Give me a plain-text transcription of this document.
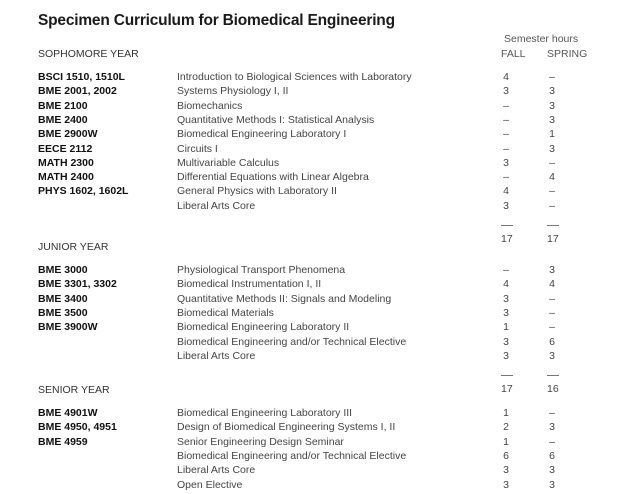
Specimen Curriculum for Biomedical Engineering
Semester hours
FALL SPRING
SOPHOMORE YEAR
BSCI 1510, 1510L	Introduction to Biological Sciences with Laboratory	4	–
BME 2001, 2002	Systems Physiology I, II	3	3
BME 2100	Biomechanics	–	3
BME 2400	Quantitative Methods I: Statistical Analysis	–	3
BME 2900W	Biomedical Engineering Laboratory I	–	1
EECE 2112	Circuits I	–	3
MATH 2300	Multivariable Calculus	3	–
MATH 2400	Differential Equations with Linear Algebra	–	4
PHYS 1602, 1602L	General Physics with Laboratory II	4	–
Liberal Arts Core	3	–
17	17
JUNIOR YEAR
BME 3000	Physiological Transport Phenomena	–	3
BME 3301, 3302	Biomedical Instrumentation I, II	4	4
BME 3400	Quantitative Methods II: Signals and Modeling	3	–
BME 3500	Biomedical Materials	3	–
BME 3900W	Biomedical Engineering Laboratory II	1	–
Biomedical Engineering and/or Technical Elective	3	6
Liberal Arts Core	3	3
17	16
SENIOR YEAR
BME 4901W	Biomedical Engineering Laboratory III	1	–
BME 4950, 4951	Design of Biomedical Engineering Systems I, II	2	3
BME 4959	Senior Engineering Design Seminar	1	–
Biomedical Engineering and/or Technical Elective	6	6
Liberal Arts Core	3	3
Open Elective	3	3
